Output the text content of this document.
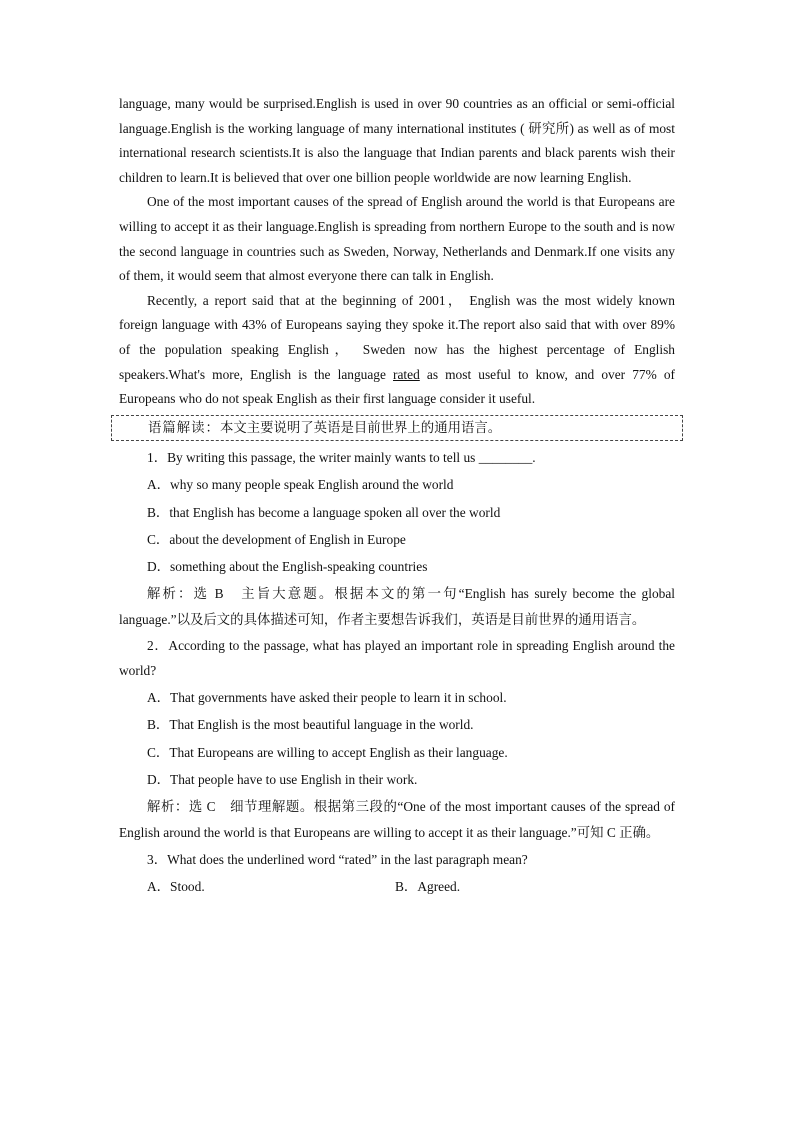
language, many would be surprised.English is used in over 90 countries as an official or semi-official language.English is the working language of many international institutes ( 研究所) as well as of most international research scientists.It is also the language that Indian parents and black parents wish their children to learn.It is believed that over one billion people worldwide are now learning English.

One of the most important causes of the spread of English around the world is that Europeans are willing to accept it as their language.English is spreading from northern Europe to the south and is now the second language in countries such as Sweden, Norway, Netherlands and Denmark.If one visits any of them, it would seem that almost everyone there can talk in English.

Recently, a report said that at the beginning of 2001， English was the most widely known foreign language with 43% of Europeans saying they spoke it.The report also said that with over 89% of the population speaking English， Sweden now has the highest percentage of English speakers.What's more, English is the language rated as most useful to know, and over 77% of Europeans who do not speak English as their first language consider it useful.

语篇解读：本文主要说明了英语是目前世界上的通用语言。

1．By writing this passage, the writer mainly wants to tell us ________.

A．why so many people speak English around the world

B．that English has become a language spoken all over the world

C．about the development of English in Europe

D．something about the English-speaking countries

解析：选 B　主旨大意题。根据本文的第一句“English has surely become the global language.”以及后文的具体描述可知，作者主要想告诉我们，英语是目前世界的通用语言。

2．According to the passage, what has played an important role in spreading English around the world?

A．That governments have asked their people to learn it in school.

B．That English is the most beautiful language in the world.

C．That Europeans are willing to accept English as their language.

D．That people have to use English in their work.

解析：选 C　细节理解题。根据第三段的“One of the most important causes of the spread of English around the world is that Europeans are willing to accept it as their language.”可知 C 正确。

3．What does the underlined word “rated” in the last paragraph mean?

A．Stood.	B．Agreed.
